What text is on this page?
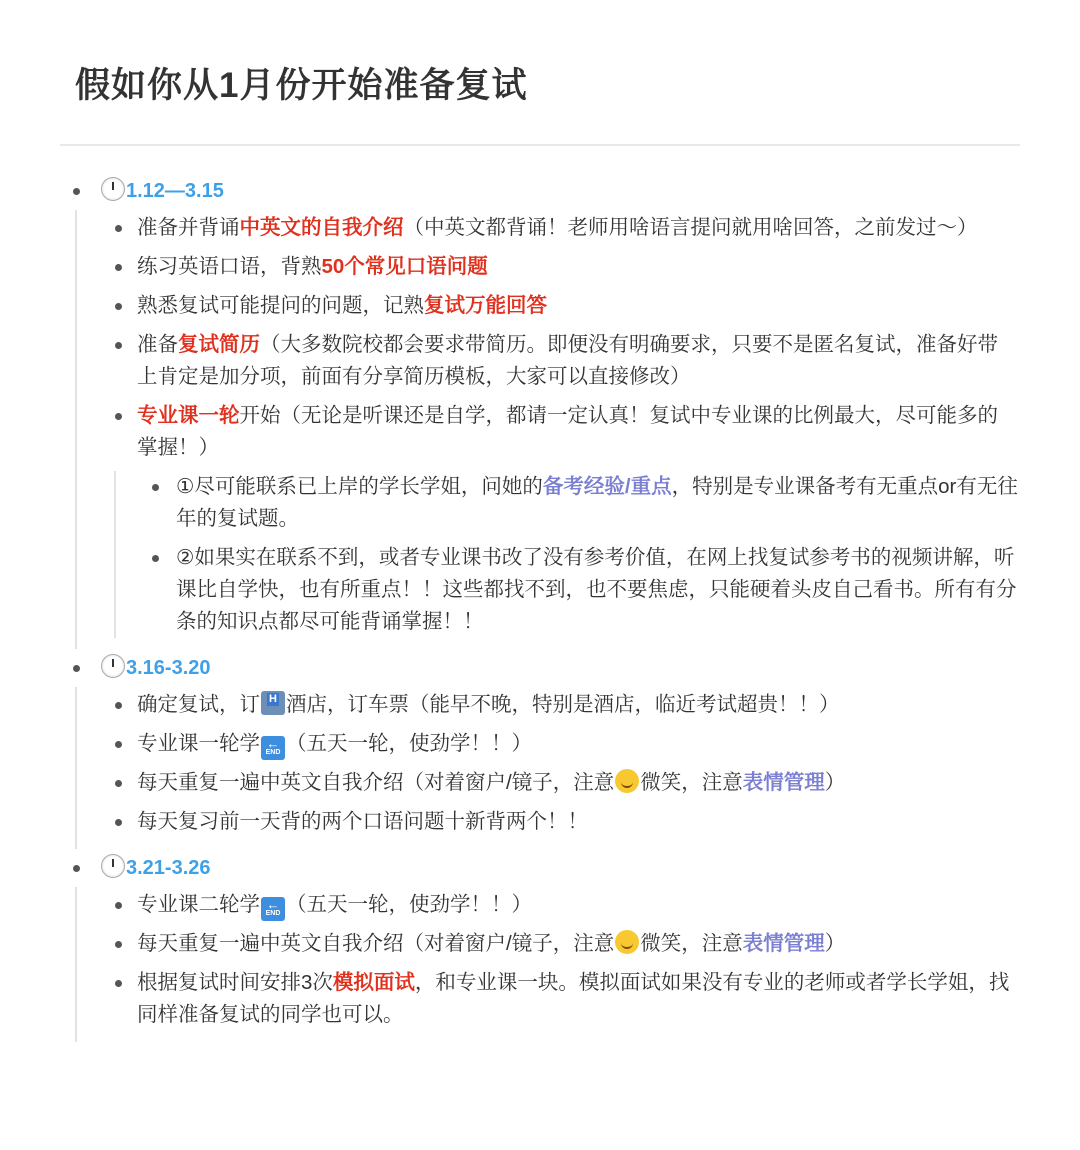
假如你从1月份开始准备复试
1.12—3.15
准备并背诵中英文的自我介绍（中英文都背诵！老师用啥语言提问就用啥回答，之前发过～）
练习英语口语，背熟50个常见口语问题
熟悉复试可能提问的问题，记熟复试万能回答
准备复试简历（大多数院校都会要求带简历。即便没有明确要求，只要不是匿名复试，准备好带上肯定是加分项，前面有分享简历模板，大家可以直接修改）
专业课一轮开始（无论是听课还是自学，都请一定认真！复试中专业课的比例最大，尽可能多的掌握！）
①尽可能联系已上岸的学长学姐，问她的备考经验/重点，特别是专业课备考有无重点or有无往年的复试题。
②如果实在联系不到，或者专业课书改了没有参考价值，在网上找复试参考书的视频讲解，听课比自学快，也有所重点！！这些都找不到，也不要焦虑，只能硬着头皮自己看书。所有有分条的知识点都尽可能背诵掌握！！
3.16-3.20
确定复试，订 H 酒店，订车票（能早不晚，特别是酒店，临近考试超贵！！）
专业课一轮学 ← END （五天一轮，使劲学！！）
每天重复一遍中英文自我介绍（对着窗户/镜子，注意 微笑，注意表情管理）
每天复习前一天背的两个口语问题十新背两个！！
3.21-3.26
专业课二轮学 ← END （五天一轮，使劲学！！）
每天重复一遍中英文自我介绍（对着窗户/镜子，注意 微笑，注意表情管理）
根据复试时间安排3次模拟面试，和专业课一块。模拟面试如果没有专业的老师或者学长学姐，找同样准备复试的同学也可以。
